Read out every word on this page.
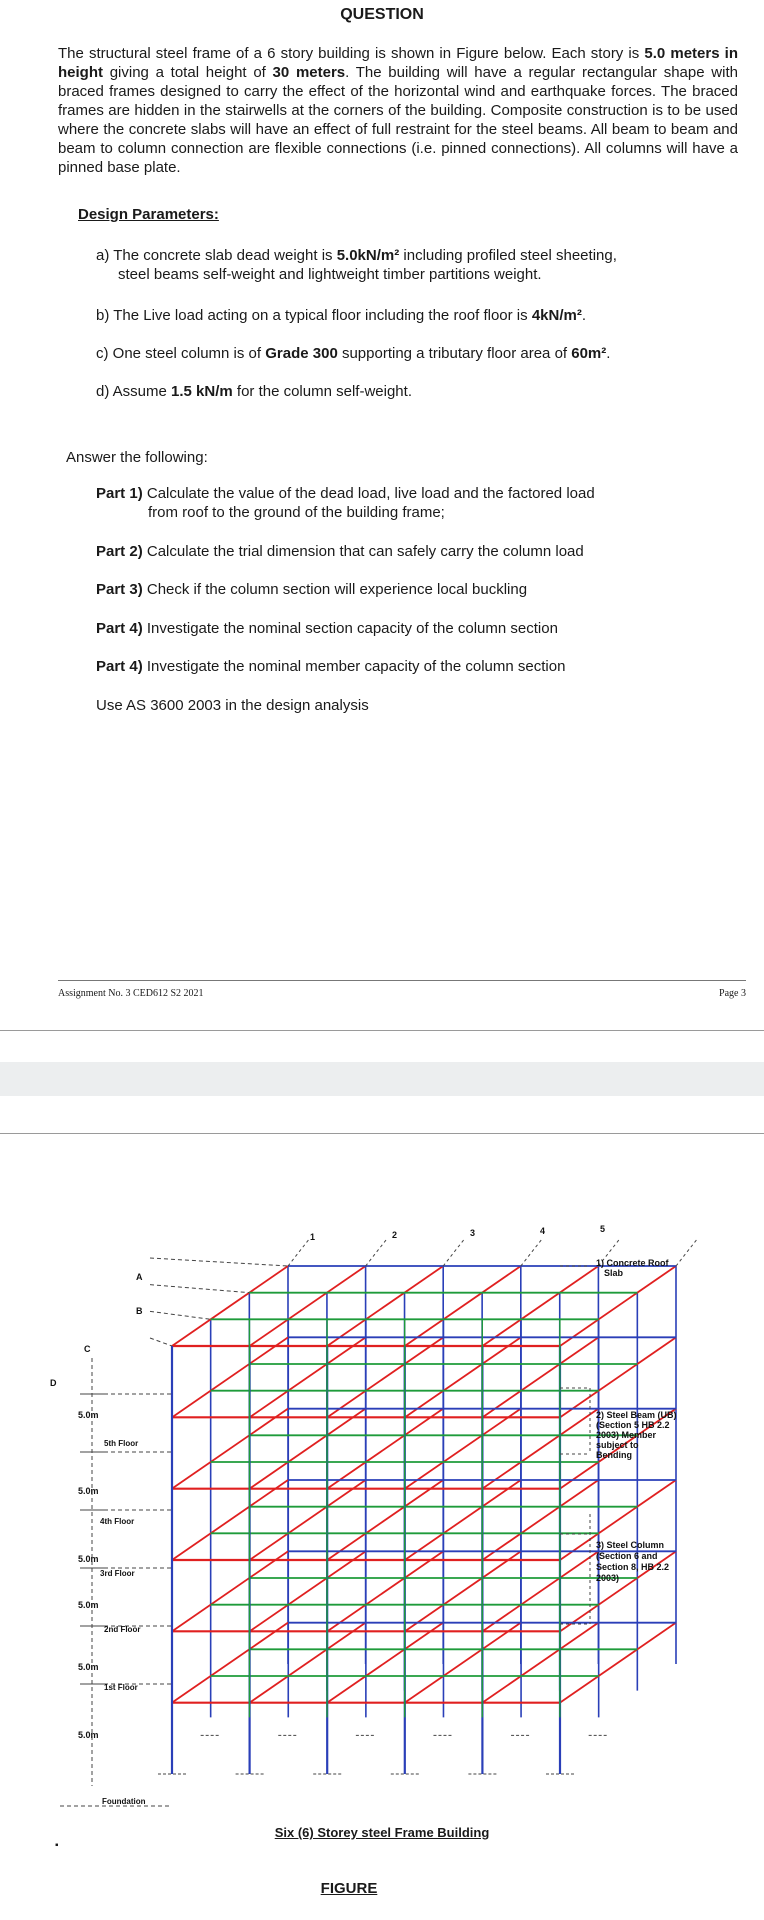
QUESTION
The structural steel frame of a 6 story building is shown in Figure below. Each story is 5.0 meters in height giving a total height of 30 meters. The building will have a regular rectangular shape with braced frames designed to carry the effect of the horizontal wind and earthquake forces. The braced frames are hidden in the stairwells at the corners of the building. Composite construction is to be used where the concrete slabs will have an effect of full restraint for the steel beams. All beam to beam and beam to column connection are flexible connections (i.e. pinned connections). All columns will have a pinned base plate.
Design Parameters:
a) The concrete slab dead weight is 5.0kN/m² including profiled steel sheeting,
steel beams self-weight and lightweight timber partitions weight.
b) The Live load acting on a typical floor including the roof floor is 4kN/m².
c) One steel column is of Grade 300 supporting a tributary floor area of 60m².
d) Assume 1.5 kN/m for the column self-weight.
Answer the following:
Part 1) Calculate the value of the dead load, live load and the factored load
from roof to the ground of the building frame;
Part 2) Calculate the trial dimension that can safely carry the column load
Part 3) Check if the column section will experience local buckling
Part 4) Investigate the nominal section capacity of the column section
Part 4) Investigate the nominal member capacity of the column section
Use AS 3600 2003 in the design analysis
Assignment No. 3 CED612 S2 2021	Page 3
1	2	3	4	5
A
B
C
D
5.0m
5.0m
5.0m
5.0m
5.0m
5.0m
5th Floor
4th Floor
3rd Floor
2nd Floor
1st Floor
Foundation
1) Concrete Roof
Slab
2) Steel Beam (UB)
(Section 5 HB 2.2
2003) Member
subject to
Bending
3) Steel Column
(Section 6 and
Section 8, HB 2.2
2003)
▪
Six (6) Storey steel Frame Building
FIGURE
